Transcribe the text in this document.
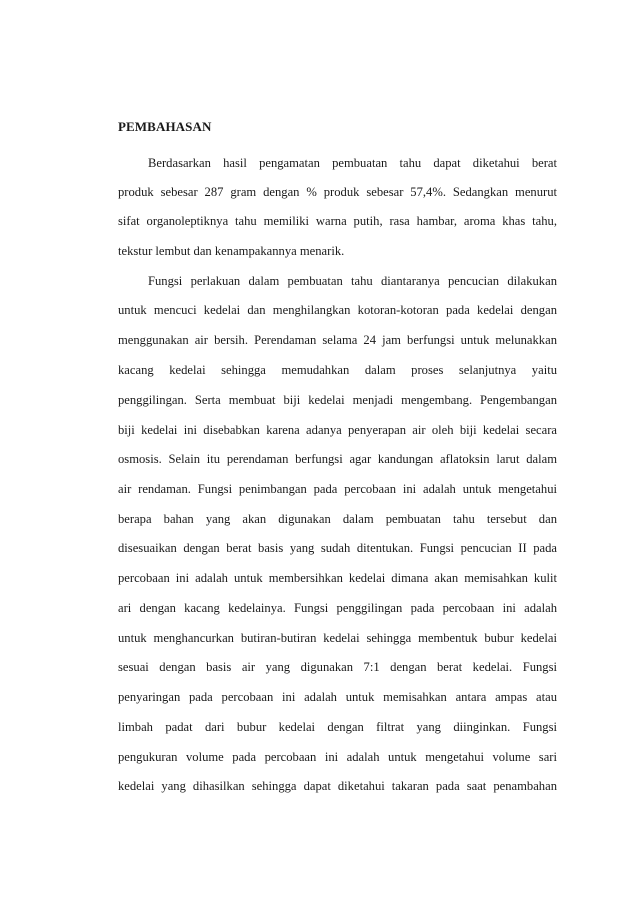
PEMBAHASAN
Berdasarkan hasil pengamatan pembuatan tahu dapat diketahui berat
produk sebesar 287 gram dengan % produk sebesar 57,4%. Sedangkan menurut
sifat organoleptiknya tahu memiliki warna putih, rasa hambar, aroma khas tahu,
tekstur lembut dan kenampakannya menarik.
Fungsi perlakuan dalam pembuatan tahu diantaranya pencucian dilakukan
untuk mencuci kedelai dan menghilangkan kotoran-kotoran pada kedelai dengan
menggunakan air bersih. Perendaman selama 24 jam berfungsi untuk melunakkan
kacang kedelai sehingga memudahkan dalam proses selanjutnya yaitu
penggilingan. Serta membuat biji kedelai menjadi mengembang. Pengembangan
biji kedelai ini disebabkan karena adanya penyerapan air oleh biji kedelai secara
osmosis. Selain itu perendaman berfungsi agar kandungan aflatoksin larut dalam
air rendaman. Fungsi penimbangan pada percobaan ini adalah untuk mengetahui
berapa bahan yang akan digunakan dalam pembuatan tahu tersebut dan
disesuaikan dengan berat basis yang sudah ditentukan. Fungsi pencucian II pada
percobaan ini adalah untuk membersihkan kedelai dimana akan memisahkan kulit
ari dengan kacang kedelainya. Fungsi penggilingan pada percobaan ini adalah
untuk menghancurkan butiran-butiran kedelai sehingga membentuk bubur kedelai
sesuai dengan basis air yang digunakan 7:1 dengan berat kedelai. Fungsi
penyaringan pada percobaan ini adalah untuk memisahkan antara ampas atau
limbah padat dari bubur kedelai dengan filtrat yang diinginkan. Fungsi
pengukuran volume pada percobaan ini adalah untuk mengetahui volume sari
kedelai yang dihasilkan sehingga dapat diketahui takaran pada saat penambahan
